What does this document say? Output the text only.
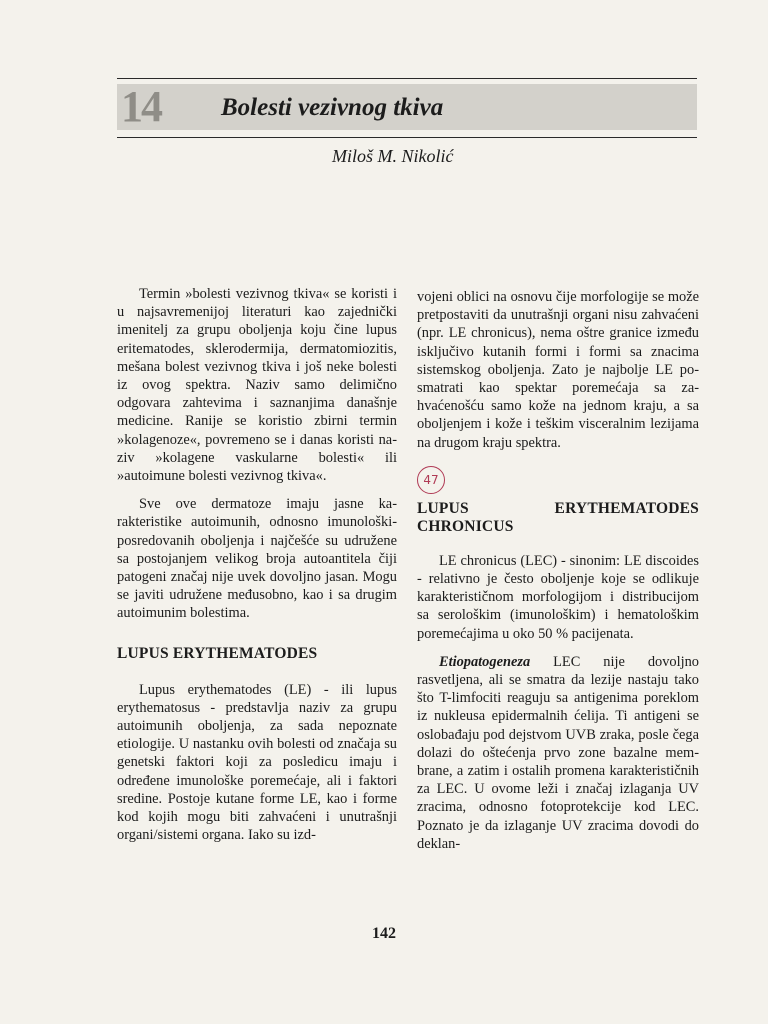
14 Bolesti vezivnog tkiva
Miloš M. Nikolić

Termin »bolesti vezivnog tkiva« se koristi i u najsavremenijoj literaturi kao zajednički imenitelj za grupu oboljenja koju čine lupus eritematodes, sklerodermija, dermatomiozitis, mešana bolest vezivnog tkiva i još neke bolesti iz ovog spektra. Naziv samo delimično odgovara zahtevima i saznanjima današnje medicine. Ranije se koristio zbirni termin »kolagenoze«, povremeno se i danas koristi naziv »kolagene vaskularne bolesti« ili »autoimune bolesti vezivnog tkiva«.

Sve ove dermatoze imaju jasne karakteristike autoimunih, odnosno imunološki-posredovanih oboljenja i najčešće su udružene sa postojanjem velikog broja autoantitela čiji patogeni značaj nije uvek dovoljno jasan. Mogu se javiti udružene međusobno, kao i sa drugim autoimunim bolestima.

LUPUS ERYTHEMATODES

Lupus erythematodes (LE) - ili lupus erythematosus - predstavlja naziv za grupu autoimunih oboljenja, za sada nepoznate etiologije. U nastanku ovih bolesti od značaja su genetski faktori koji za posledicu imaju i određene imunološke poremećaje, ali i faktori sredine. Postoje kutane forme LE, kao i forme kod kojih mogu biti zahvaćeni i unutrašnji organi/sistemi organa. Iako su izd-

vojeni oblici na osnovu čije morfologije se može pretpostaviti da unutrašnji organi nisu zahvaćeni (npr. LE chronicus), nema oštre granice između isključivo kutanih formi i formi sa znacima sistemskog oboljenja. Zato je najbolje LE posmatrati kao spektar poremećaja sa zahvaćenošću samo kože na jednom kraju, a sa oboljenjem i kože i teškim visceralnim lezijama na drugom kraju spektra.

47
LUPUS ERYTHEMATODES CHRONICUS

LE chronicus (LEC) - sinonim: LE discoides - relativno je često oboljenje koje se odlikuje karakterističnom morfologijom i distribucijom sa serološkim (imunološkim) i hematološkim poremećajima u oko 50 % pacijenata.

Etiopatogeneza LEC nije dovoljno rasvetljena, ali se smatra da lezije nastaju tako što T-limfociti reaguju sa antigenima poreklom iz nukleusa epidermalnih ćelija. Ti antigeni se oslobađaju pod dejstvom UVB zraka, posle čega dolazi do oštećenja prvo zone bazalne membrane, a zatim i ostalih promena karakterističnih za LEC. U ovome leži i značaj izlaganja UV zracima, odnosno fotoprotekcije kod LEC. Poznato je da izlaganje UV zracima dovodi do deklan-

142
